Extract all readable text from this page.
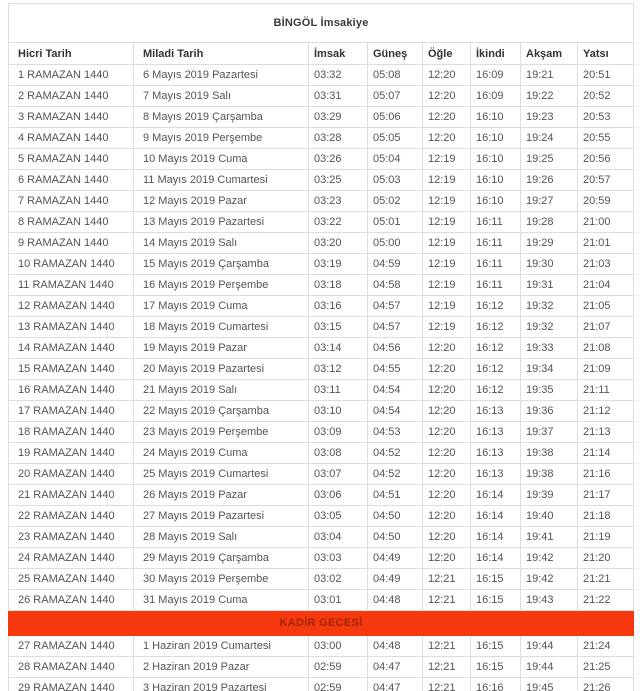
BİNGÖL İmsakiye							
Hicri Tarih	Miladi Tarih	İmsak	Güneş	Öğle	İkindi	Akşam	Yatsı
1 RAMAZAN 1440	6 Mayıs 2019 Pazartesi	03:32	05:08	12:20	16:09	19:21	20:51
2 RAMAZAN 1440	7 Mayıs 2019 Salı	03:31	05:07	12:20	16:09	19:22	20:52
3 RAMAZAN 1440	8 Mayıs 2019 Çarşamba	03:29	05:06	12:20	16:10	19:23	20:53
4 RAMAZAN 1440	9 Mayıs 2019 Perşembe	03:28	05:05	12:20	16:10	19:24	20:55
5 RAMAZAN 1440	10 Mayıs 2019 Cuma	03:26	05:04	12:19	16:10	19:25	20:56
6 RAMAZAN 1440	11 Mayıs 2019 Cumartesi	03:25	05:03	12:19	16:10	19:26	20:57
7 RAMAZAN 1440	12 Mayıs 2019 Pazar	03:23	05:02	12:19	16:10	19:27	20:59
8 RAMAZAN 1440	13 Mayıs 2019 Pazartesi	03:22	05:01	12:19	16:11	19:28	21:00
9 RAMAZAN 1440	14 Mayıs 2019 Salı	03:20	05:00	12:19	16:11	19:29	21:01
10 RAMAZAN 1440	15 Mayıs 2019 Çarşamba	03:19	04:59	12:19	16:11	19:30	21:03
11 RAMAZAN 1440	16 Mayıs 2019 Perşembe	03:18	04:58	12:19	16:11	19:31	21:04
12 RAMAZAN 1440	17 Mayıs 2019 Cuma	03:16	04:57	12:19	16:12	19:32	21:05
13 RAMAZAN 1440	18 Mayıs 2019 Cumartesi	03:15	04:57	12:19	16:12	19:32	21:07
14 RAMAZAN 1440	19 Mayıs 2019 Pazar	03:14	04:56	12:20	16:12	19:33	21:08
15 RAMAZAN 1440	20 Mayıs 2019 Pazartesi	03:12	04:55	12:20	16:12	19:34	21:09
16 RAMAZAN 1440	21 Mayıs 2019 Salı	03:11	04:54	12:20	16:12	19:35	21:11
17 RAMAZAN 1440	22 Mayıs 2019 Çarşamba	03:10	04:54	12:20	16:13	19:36	21:12
18 RAMAZAN 1440	23 Mayıs 2019 Perşembe	03:09	04:53	12:20	16:13	19:37	21:13
19 RAMAZAN 1440	24 Mayıs 2019 Cuma	03:08	04:52	12:20	16:13	19:38	21:14
20 RAMAZAN 1440	25 Mayıs 2019 Cumartesi	03:07	04:52	12:20	16:13	19:38	21:16
21 RAMAZAN 1440	26 Mayıs 2019 Pazar	03:06	04:51	12:20	16:14	19:39	21:17
22 RAMAZAN 1440	27 Mayıs 2019 Pazartesi	03:05	04:50	12:20	16:14	19:40	21:18
23 RAMAZAN 1440	28 Mayıs 2019 Salı	03:04	04:50	12:20	16:14	19:41	21:19
24 RAMAZAN 1440	29 Mayıs 2019 Çarşamba	03:03	04:49	12:20	16:14	19:42	21:20
25 RAMAZAN 1440	30 Mayıs 2019 Perşembe	03:02	04:49	12:21	16:15	19:42	21:21
26 RAMAZAN 1440	31 Mayıs 2019 Cuma	03:01	04:48	12:21	16:15	19:43	21:22
KADİR GECESİ							
27 RAMAZAN 1440	1 Haziran 2019 Cumartesi	03:00	04:48	12:21	16:15	19:44	21:24
28 RAMAZAN 1440	2 Haziran 2019 Pazar	02:59	04:47	12:21	16:15	19:44	21:25
29 RAMAZAN 1440	3 Haziran 2019 Pazartesi	02:59	04:47	12:21	16:16	19:45	21:26
